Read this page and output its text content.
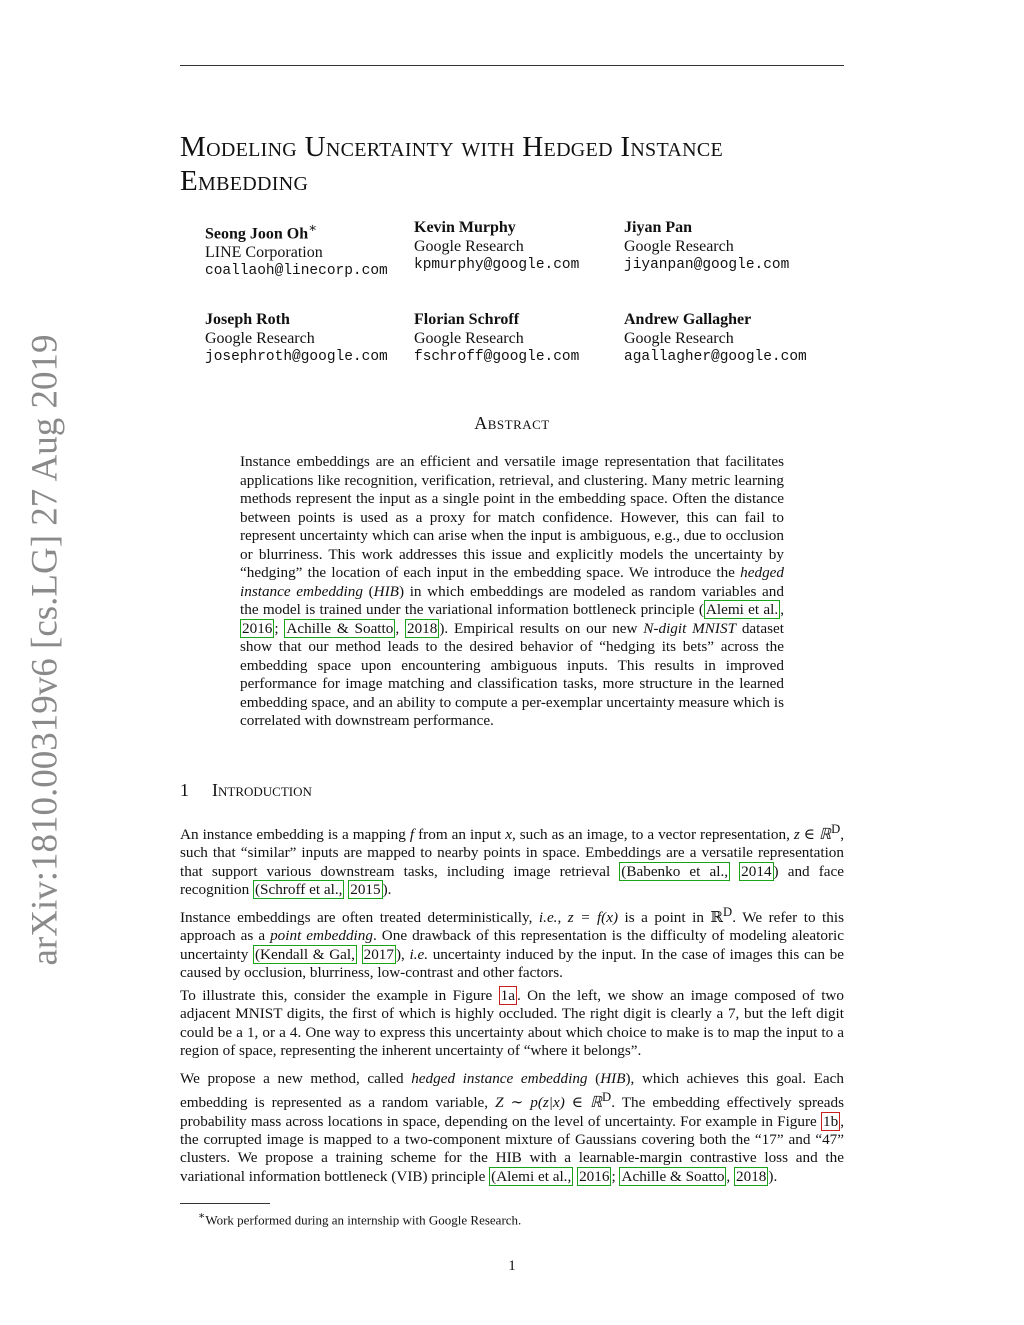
arXiv:1810.00319v6 [cs.LG] 27 Aug 2019
Modeling Uncertainty with Hedged Instance
Embedding
Seong Joon Oh∗
LINE Corporation
coallaoh@linecorp.com
Kevin Murphy
Google Research
kpmurphy@google.com
Jiyan Pan
Google Research
jiyanpan@google.com
Joseph Roth
Google Research
josephroth@google.com
Florian Schroff
Google Research
fschroff@google.com
Andrew Gallagher
Google Research
agallagher@google.com
Abstract
Instance embeddings are an efficient and versatile image representation that facilitates applications like recognition, verification, retrieval, and clustering. Many metric learning methods represent the input as a single point in the embedding space. Often the distance between points is used as a proxy for match confidence. However, this can fail to represent uncertainty which can arise when the input is ambiguous, e.g., due to occlusion or blurriness. This work addresses this issue and explicitly models the uncertainty by “hedging” the location of each input in the embedding space. We introduce the hedged instance embedding (HIB) in which embeddings are modeled as random variables and the model is trained under the variational information bottleneck principle ( Alemi et al. , 2016 ; Achille & Soatto , 2018 ). Empirical results on our new N-digit MNIST dataset show that our method leads to the desired behavior of “hedging its bets” across the embedding space upon encountering ambiguous inputs. This results in improved performance for image matching and classification tasks, more structure in the learned embedding space, and an ability to compute a per-exemplar uncertainty measure which is correlated with downstream performance.
1 Introduction
An instance embedding is a mapping f from an input x, such as an image, to a vector representation, z ∈ ℝ$^D$, such that “similar” inputs are mapped to nearby points in space. Embeddings are a versatile representation that support various downstream tasks, including image retrieval (Babenko et al., 2014 ) and face recognition (Schroff et al., 2015 ).
Instance embeddings are often treated deterministically, i.e., z = f(x) is a point in ℝ$^D$. We refer to this approach as a point embedding. One drawback of this representation is the difficulty of modeling aleatoric uncertainty (Kendall & Gal, 2017 ), i.e. uncertainty induced by the input. In the case of images this can be caused by occlusion, blurriness, low-contrast and other factors.
To illustrate this, consider the example in Figure 1a . On the left, we show an image composed of two adjacent MNIST digits, the first of which is highly occluded. The right digit is clearly a 7, but the left digit could be a 1, or a 4. One way to express this uncertainty about which choice to make is to map the input to a region of space, representing the inherent uncertainty of “where it belongs”.
We propose a new method, called hedged instance embedding (HIB), which achieves this goal. Each embedding is represented as a random variable, Z ∼ p(z|x) ∈ ℝ$^D$. The embedding effectively spreads probability mass across locations in space, depending on the level of uncertainty. For example in Figure 1b , the corrupted image is mapped to a two-component mixture of Gaussians covering both the “17” and “47” clusters. We propose a training scheme for the HIB with a learnable-margin contrastive loss and the variational information bottleneck (VIB) principle (Alemi et al., 2016 ; Achille & Soatto , 2018 ).
∗Work performed during an internship with Google Research.
1
